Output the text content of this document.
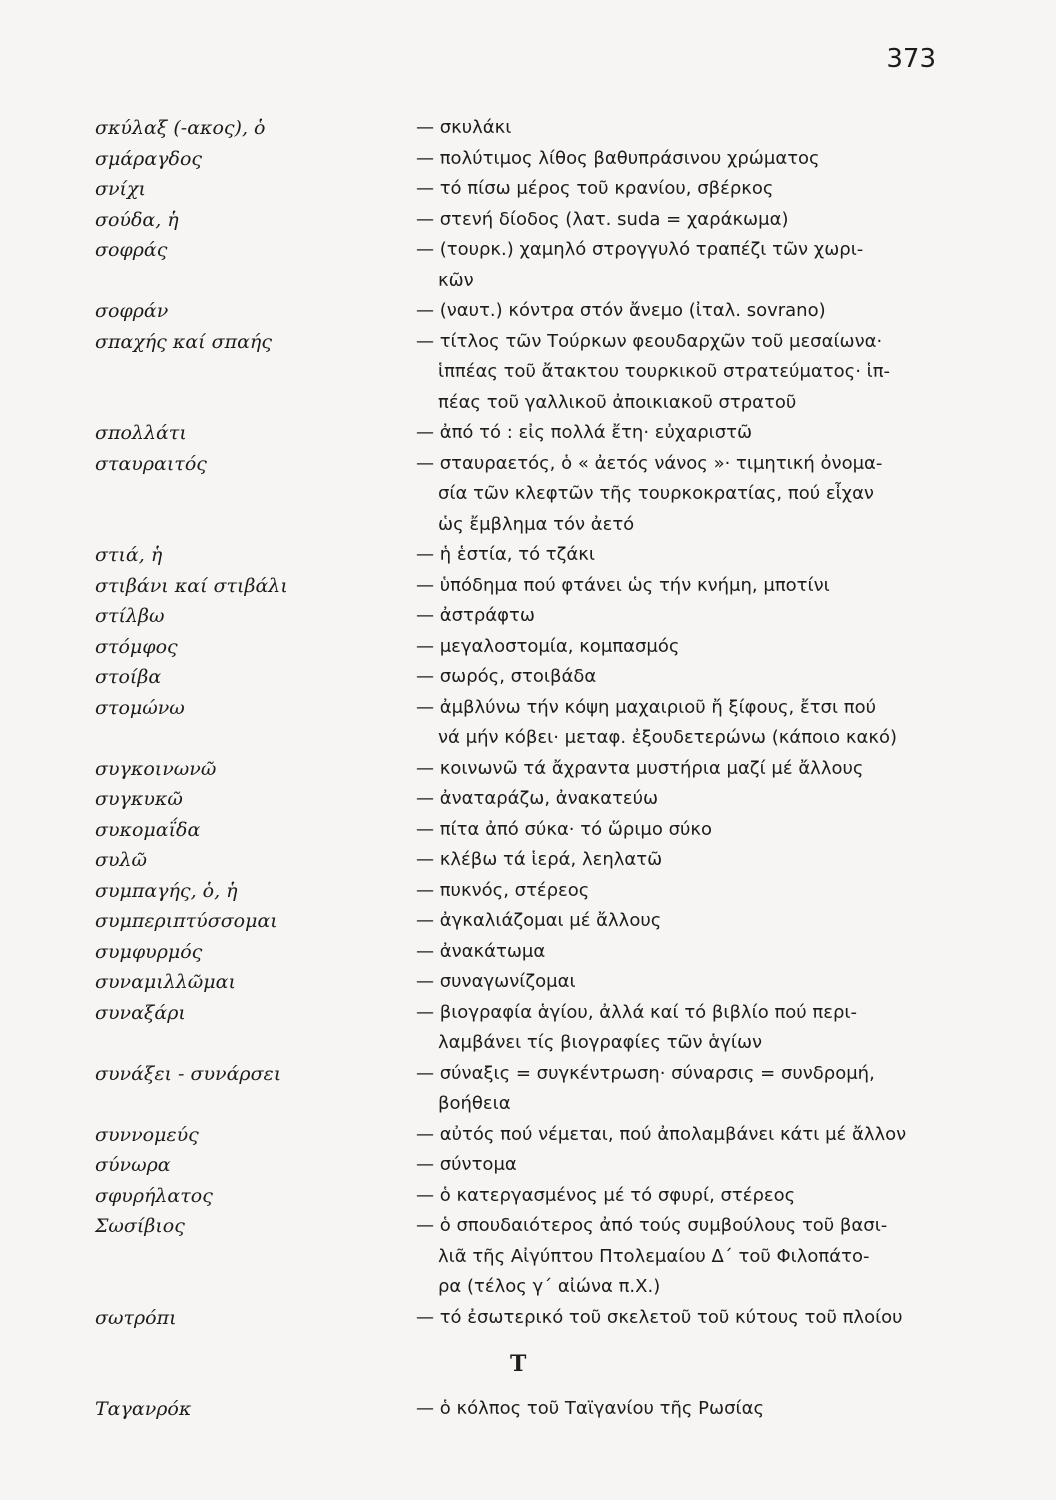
373
σκύλαξ (-ακος), ὁ	— σκυλάκι
σμάραγδος	— πολύτιμος λίθος βαθυπράσινου χρώματος
σνίχι	— τό πίσω μέρος τοῦ κρανίου, σβέρκος
σούδα, ἡ	— στενή δίοδος (λατ. suda = χαράκωμα)
σοφράς	— (τουρκ.) χαμηλό στρογγυλό τραπέζι τῶν χωρι-
κῶν
σοφράν	— (ναυτ.) κόντρα στόν ἄνεμο (ἰταλ. sovrano)
σπαχής καί σπαής	— τίτλος τῶν Τούρκων φεουδαρχῶν τοῦ μεσαίωνα·
ἱππέας τοῦ ἄτακτου τουρκικοῦ στρατεύματος· ἱπ-
πέας τοῦ γαλλικοῦ ἀποικιακοῦ στρατοῦ
σπολλάτι	— ἀπό τό : εἰς πολλά ἔτη· εὐχαριστῶ
σταυραιτός	— σταυραετός, ὁ « ἀετός νάνος »· τιμητική ὀνομα-
σία τῶν κλεφτῶν τῆς τουρκοκρατίας, πού εἶχαν
ὡς ἔμβλημα τόν ἀετό
στιά, ἡ	— ἡ ἑστία, τό τζάκι
στιβάνι καί στιβάλι	— ὑπόδημα πού φτάνει ὡς τήν κνήμη, μποτίνι
στίλβω	— ἀστράφτω
στόμφος	— μεγαλοστομία, κομπασμός
στοίβα	— σωρός, στοιβάδα
στομώνω	— ἀμβλύνω τήν κόψη μαχαιριοῦ ἤ ξίφους, ἔτσι πού
νά μήν κόβει· μεταφ. ἐξουδετερώνω (κάποιο κακό)
συγκοινωνῶ	— κοινωνῶ τά ἄχραντα μυστήρια μαζί μέ ἄλλους
συγκυκῶ	— ἀναταράζω, ἀνακατεύω
συκομαΐδα	— πίτα ἀπό σύκα· τό ὥριμο σύκο
συλῶ	— κλέβω τά ἱερά, λεηλατῶ
συμπαγής, ὁ, ἡ	— πυκνός, στέρεος
συμπεριπτύσσομαι	— ἀγκαλιάζομαι μέ ἄλλους
συμφυρμός	— ἀνακάτωμα
συναμιλλῶμαι	— συναγωνίζομαι
συναξάρι	— βιογραφία ἁγίου, ἀλλά καί τό βιβλίο πού περι-
λαμβάνει τίς βιογραφίες τῶν ἁγίων
συνάξει - συνάρσει	— σύναξις = συγκέντρωση· σύναρσις = συνδρομή,
βοήθεια
συννομεύς	— αὐτός πού νέμεται, πού ἀπολαμβάνει κάτι μέ ἄλλον
σύνωρα	— σύντομα
σφυρήλατος	— ὁ κατεργασμένος μέ τό σφυρί, στέρεος
Σωσίβιος	— ὁ σπουδαιότερος ἀπό τούς συμβούλους τοῦ βασι-
λιᾶ τῆς Αἰγύπτου Πτολεμαίου Δ΄ τοῦ Φιλοπάτο-
ρα (τέλος γ΄ αἰώνα π.Χ.)
σωτρόπι	— τό ἐσωτερικό τοῦ σκελετοῦ τοῦ κύτους τοῦ πλοίου
Τ
Ταγανρόκ	— ὁ κόλπος τοῦ Ταϊγανίου τῆς Ρωσίας
